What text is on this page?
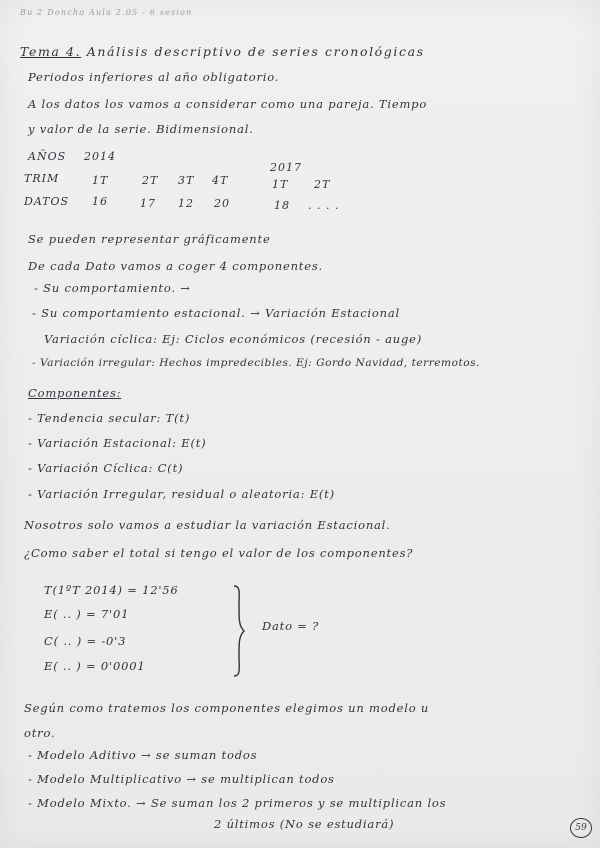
Bu 2 Doncho Aula 2.05 - 6 sesion
Tema 4. Análisis descriptivo de series cronológicas
Periodos inferiores al año obligatorio.
A los datos los vamos a considerar como una pareja. Tiempo
y valor de la serie. Bidimensional.
AÑOS 2014
2017
TRIM	1T	2T 3T 4T	1T 2T
DATOS 16	17 12 20	18 . . . .
Se pueden representar gráficamente
De cada Dato vamos a coger 4 componentes.
- Su comportamiento. →
- Su comportamiento estacional. → Variación Estacional
Variación cíclica: Ej: Ciclos económicos (recesión - auge)
- Variación irregular: Hechos impredecibles. Ej: Gordo Navidad, terremotos.
Componentes:
- Tendencia secular: T(t)
- Variación Estacional: E(t)
- Variación Cíclica: C(t)
- Variación Irregular, residual o aleatoria: E(t)
Nosotros solo vamos a estudiar la variación Estacional.
¿Como saber el total si tengo el valor de los componentes?
T(1ºT 2014) = 12'56
E( .. ) = 7'01
C( .. ) = -0'3
E( .. ) = 0'0001
Dato = ?
Según como tratemos los componentes elegimos un modelo u
otro.
- Modelo Aditivo → se suman todos
- Modelo Multiplicativo → se multiplican todos
- Modelo Mixto. → Se suman los 2 primeros y se multiplican los
2 últimos (No se estudiará)	59
